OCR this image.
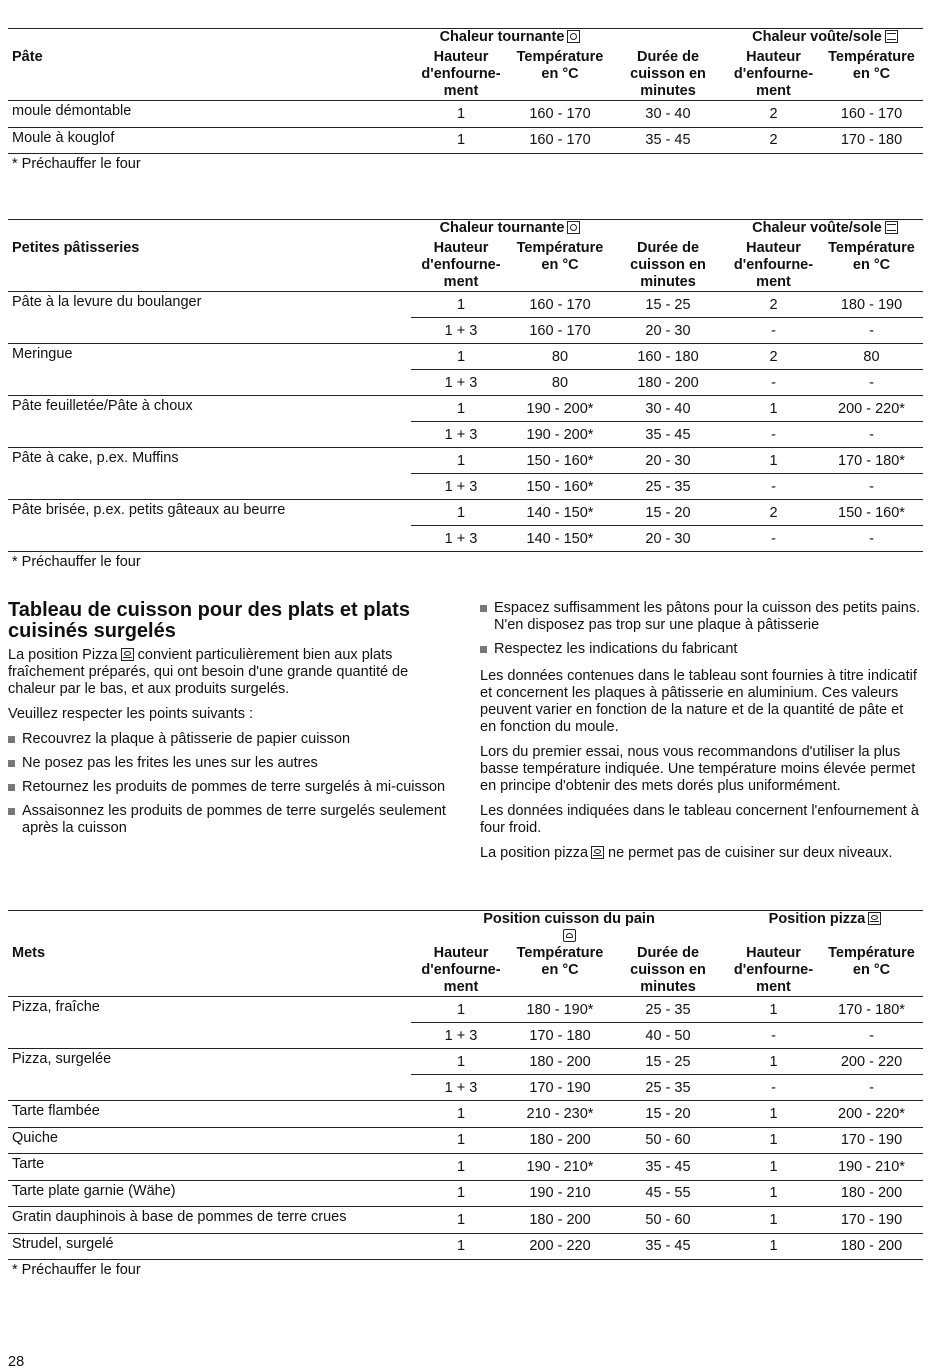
	Chaleur tournante			Chaleur voûte/sole	
Pâte	Hauteur d'enfourne-ment	Température en °C	Durée de cuisson en minutes	Hauteur d'enfourne-ment	Température en °C
moule démontable	1	160 - 170	30 - 40	2	160 - 170
Moule à kouglof	1	160 - 170	35 - 45	2	170 - 180
* Préchauffer le four

	Chaleur tournante			Chaleur voûte/sole	
Petites pâtisseries	Hauteur d'enfourne-ment	Température en °C	Durée de cuisson en minutes	Hauteur d'enfourne-ment	Température en °C
Pâte à la levure du boulanger	1	160 - 170	15 - 25	2	180 - 190
	1 + 3	160 - 170	20 - 30	-	-
Meringue	1	80	160 - 180	2	80
	1 + 3	80	180 - 200	-	-
Pâte feuilletée/Pâte à choux	1	190 - 200*	30 - 40	1	200 - 220*
	1 + 3	190 - 200*	35 - 45	-	-
Pâte à cake, p.ex. Muffins	1	150 - 160*	20 - 30	1	170 - 180*
	1 + 3	150 - 160*	25 - 35	-	-
Pâte brisée, p.ex. petits gâteaux au beurre	1	140 - 150*	15 - 20	2	150 - 160*
	1 + 3	140 - 150*	20 - 30	-	-
* Préchauffer le four
Tableau de cuisson pour des plats et plats cuisinés surgelés

La position Pizza convient particulièrement bien aux plats fraîchement préparés, qui ont besoin d'une grande quantité de chaleur par le bas, et aux produits surgelés.

Veuillez respecter les points suivants :

Recouvrez la plaque à pâtisserie de papier cuisson
Ne posez pas les frites les unes sur les autres
Retournez les produits de pommes de terre surgelés à mi-cuisson
Assaisonnez les produits de pommes de terre surgelés seulement après la cuisson
Espacez suffisamment les pâtons pour la cuisson des petits pains. N'en disposez pas trop sur une plaque à pâtisserie
Respectez les indications du fabricant

Les données contenues dans le tableau sont fournies à titre indicatif et concernent les plaques à pâtisserie en aluminium. Ces valeurs peuvent varier en fonction de la nature et de la quantité de pâte et en fonction du moule.

Lors du premier essai, nous vous recommandons d'utiliser la plus basse température indiquée. Une température moins élevée permet en principe d'obtenir des mets dorés plus uniformément.

Les données indiquées dans le tableau concernent l'enfournement à four froid.

La position pizza ne permet pas de cuisiner sur deux niveaux.

	Position cuisson du pain			Position pizza	
Mets	Hauteur d'enfourne-ment	Température en °C	Durée de cuisson en minutes	Hauteur d'enfourne-ment	Température en °C
Pizza, fraîche	1	180 - 190*	25 - 35	1	170 - 180*
	1 + 3	170 - 180	40 - 50	-	-
Pizza, surgelée	1	180 - 200	15 - 25	1	200 - 220
	1 + 3	170 - 190	25 - 35	-	-
Tarte flambée	1	210 - 230*	15 - 20	1	200 - 220*
Quiche	1	180 - 200	50 - 60	1	170 - 190
Tarte	1	190 - 210*	35 - 45	1	190 - 210*
Tarte plate garnie (Wähe)	1	190 - 210	45 - 55	1	180 - 200
Gratin dauphinois à base de pommes de terre crues	1	180 - 200	50 - 60	1	170 - 190
Strudel, surgelé	1	200 - 220	35 - 45	1	180 - 200
* Préchauffer le four
28
